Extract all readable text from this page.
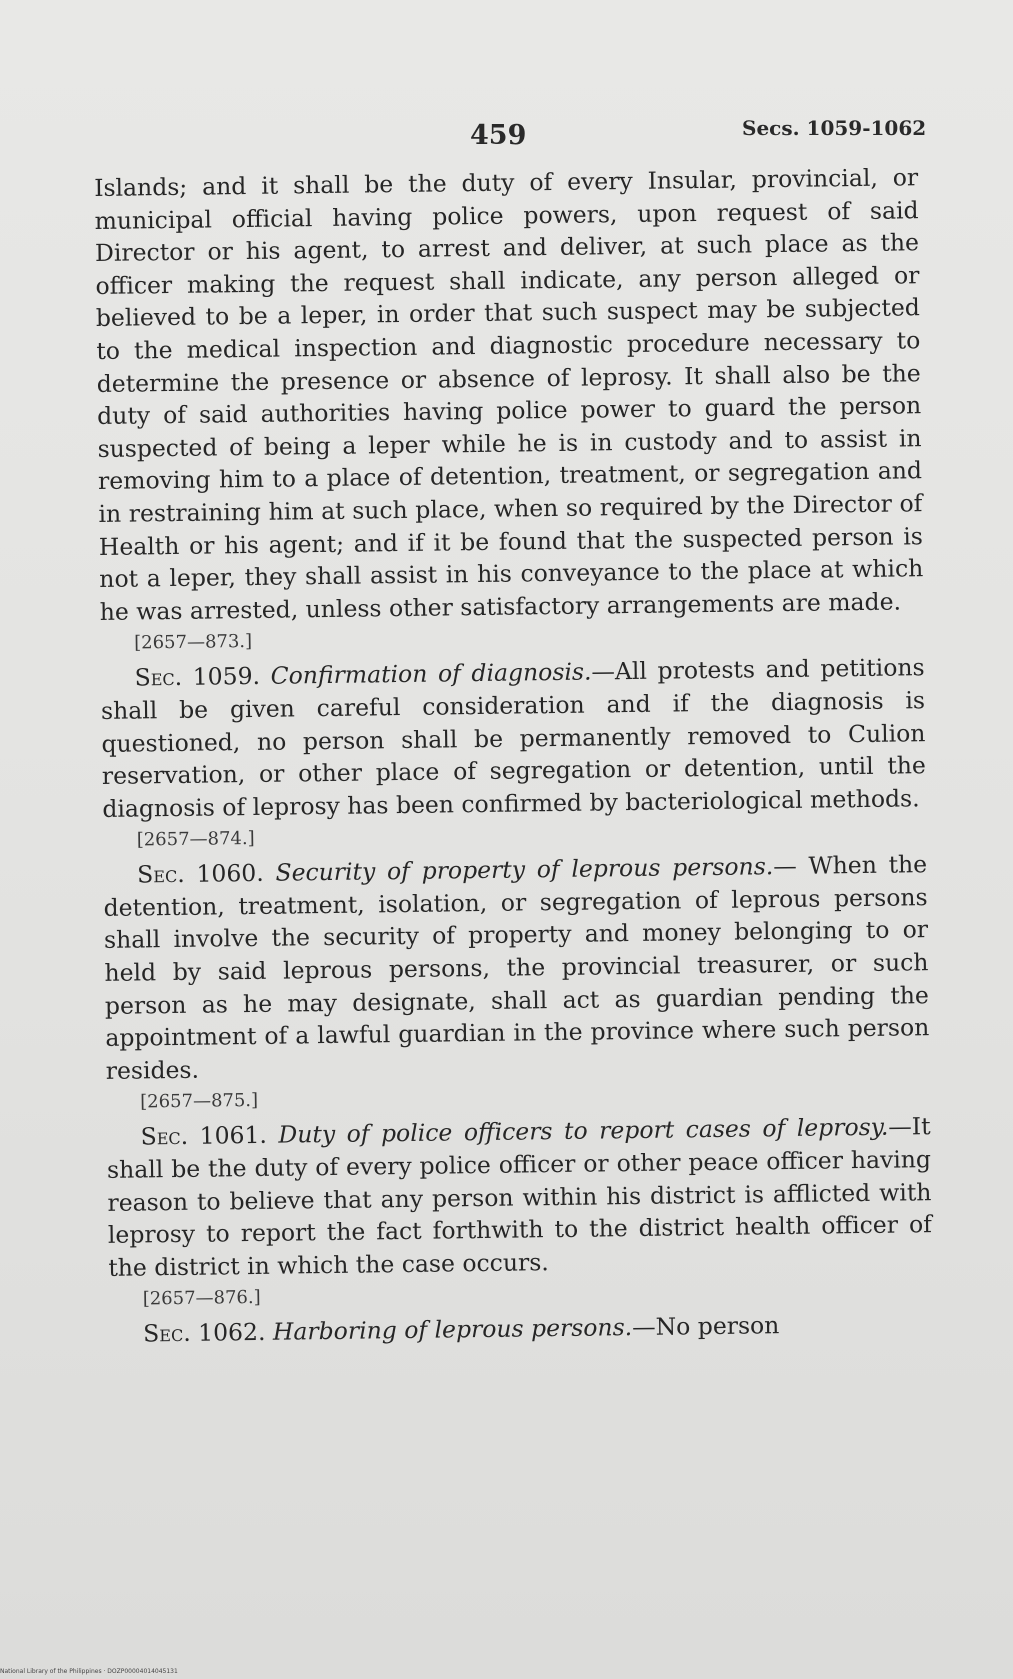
459	Secs. 1059-1062

Islands; and it shall be the duty of every Insular, provincial, or municipal official having police powers, upon request of said Director or his agent, to arrest and deliver, at such place as the officer making the request shall indicate, any person alleged or believed to be a leper, in order that such suspect may be subjected to the medical inspection and diagnostic procedure necessary to determine the presence or absence of leprosy. It shall also be the duty of said authorities having police power to guard the person suspected of being a leper while he is in custody and to assist in removing him to a place of detention, treatment, or segregation and in restraining him at such place, when so required by the Director of Health or his agent; and if it be found that the suspected person is not a leper, they shall assist in his conveyance to the place at which he was arrested, unless other satisfactory arrangements are made.

[2657—873.]

Sec. 1059. Confirmation of diagnosis.—All protests and petitions shall be given careful consideration and if the diagnosis is questioned, no person shall be permanently removed to Culion reservation, or other place of segregation or detention, until the diagnosis of leprosy has been confirmed by bacteriological methods.

[2657—874.]

Sec. 1060. Security of property of leprous persons.— When the detention, treatment, isolation, or segregation of leprous persons shall involve the security of property and money belonging to or held by said leprous persons, the provincial treasurer, or such person as he may designate, shall act as guardian pending the appointment of a lawful guardian in the province where such person resides.

[2657—875.]

Sec. 1061. Duty of police officers to report cases of leprosy.—It shall be the duty of every police officer or other peace officer having reason to believe that any person within his district is afflicted with leprosy to report the fact forthwith to the district health officer of the district in which the case occurs.

[2657—876.]

Sec. 1062. Harboring of leprous persons.—No person

National Library of the Philippines · DOZP00004014045131
